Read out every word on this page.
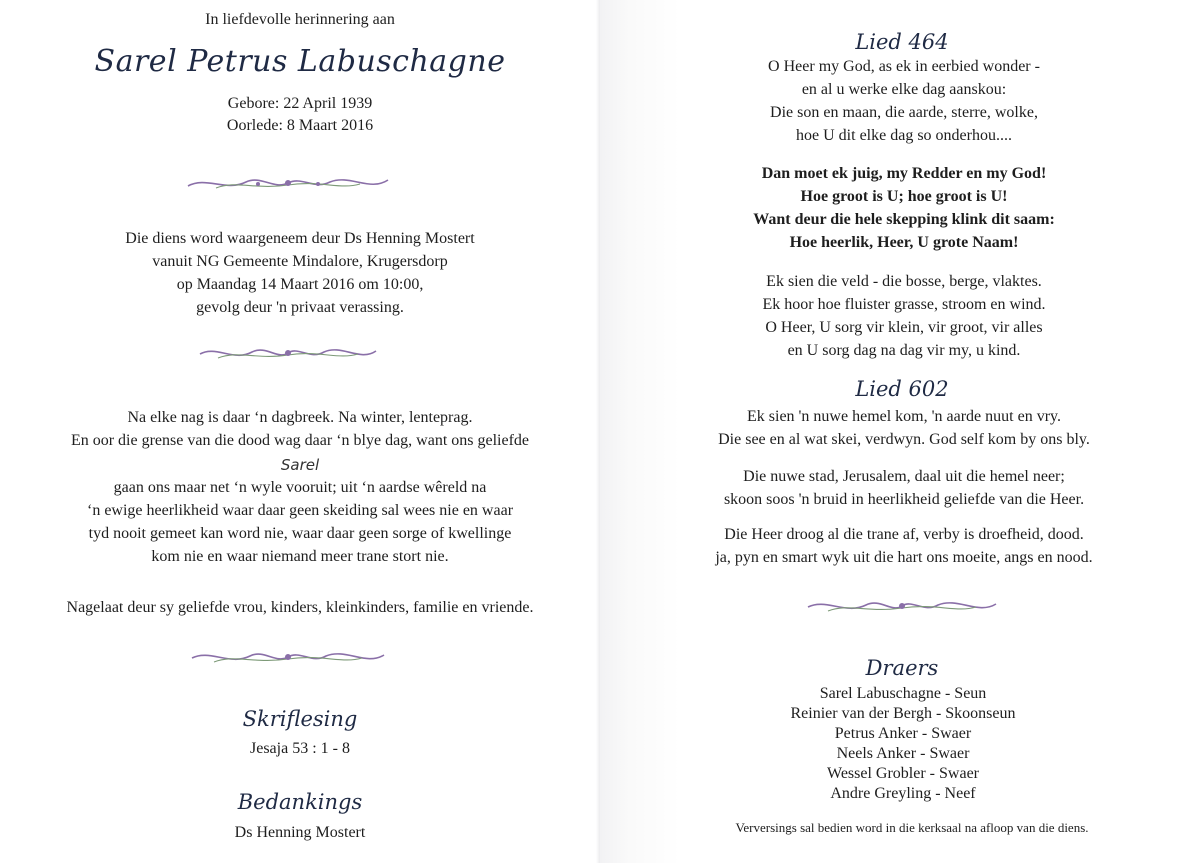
In liefdevolle herinnering aan
Sarel Petrus Labuschagne
Gebore: 22 April 1939
Oorlede: 8 Maart 2016
Die diens word waargeneem deur Ds Henning Mostert
vanuit NG Gemeente Mindalore, Krugersdorp
op Maandag 14 Maart 2016 om 10:00,
gevolg deur 'n privaat verassing.
Na elke nag is daar ‘n dagbreek. Na winter, lenteprag.
En oor die grense van die dood wag daar ‘n blye dag, want ons geliefde
Sarel
gaan ons maar net ‘n wyle vooruit; uit ‘n aardse wêreld na
‘n ewige heerlikheid waar daar geen skeiding sal wees nie en waar
tyd nooit gemeet kan word nie, waar daar geen sorge of kwellinge
kom nie en waar niemand meer trane stort nie.
Nagelaat deur sy geliefde vrou, kinders, kleinkinders, familie en vriende.
Skriflesing
Jesaja 53 : 1 - 8
Bedankings
Ds Henning Mostert
Lied 464
O Heer my God, as ek in eerbied wonder -
en al u werke elke dag aanskou:
Die son en maan, die aarde, sterre, wolke,
hoe U dit elke dag so onderhou....
Dan moet ek juig, my Redder en my God!
Hoe groot is U; hoe groot is U!
Want deur die hele skepping klink dit saam:
Hoe heerlik, Heer, U grote Naam!
Ek sien die veld - die bosse, berge, vlaktes.
Ek hoor hoe fluister grasse, stroom en wind.
O Heer, U sorg vir klein, vir groot, vir alles
en U sorg dag na dag vir my, u kind.
Lied 602
Ek sien 'n nuwe hemel kom, 'n aarde nuut en vry.
Die see en al wat skei, verdwyn. God self kom by ons bly.
Die nuwe stad, Jerusalem, daal uit die hemel neer;
skoon soos 'n bruid in heerlikheid geliefde van die Heer.
Die Heer droog al die trane af, verby is droefheid, dood.
ja, pyn en smart wyk uit die hart ons moeite, angs en nood.
Draers
Sarel Labuschagne - Seun
Reinier van der Bergh - Skoonseun
Petrus Anker - Swaer
Neels Anker - Swaer
Wessel Grobler - Swaer
Andre Greyling - Neef
Verversings sal bedien word in die kerksaal na afloop van die diens.
